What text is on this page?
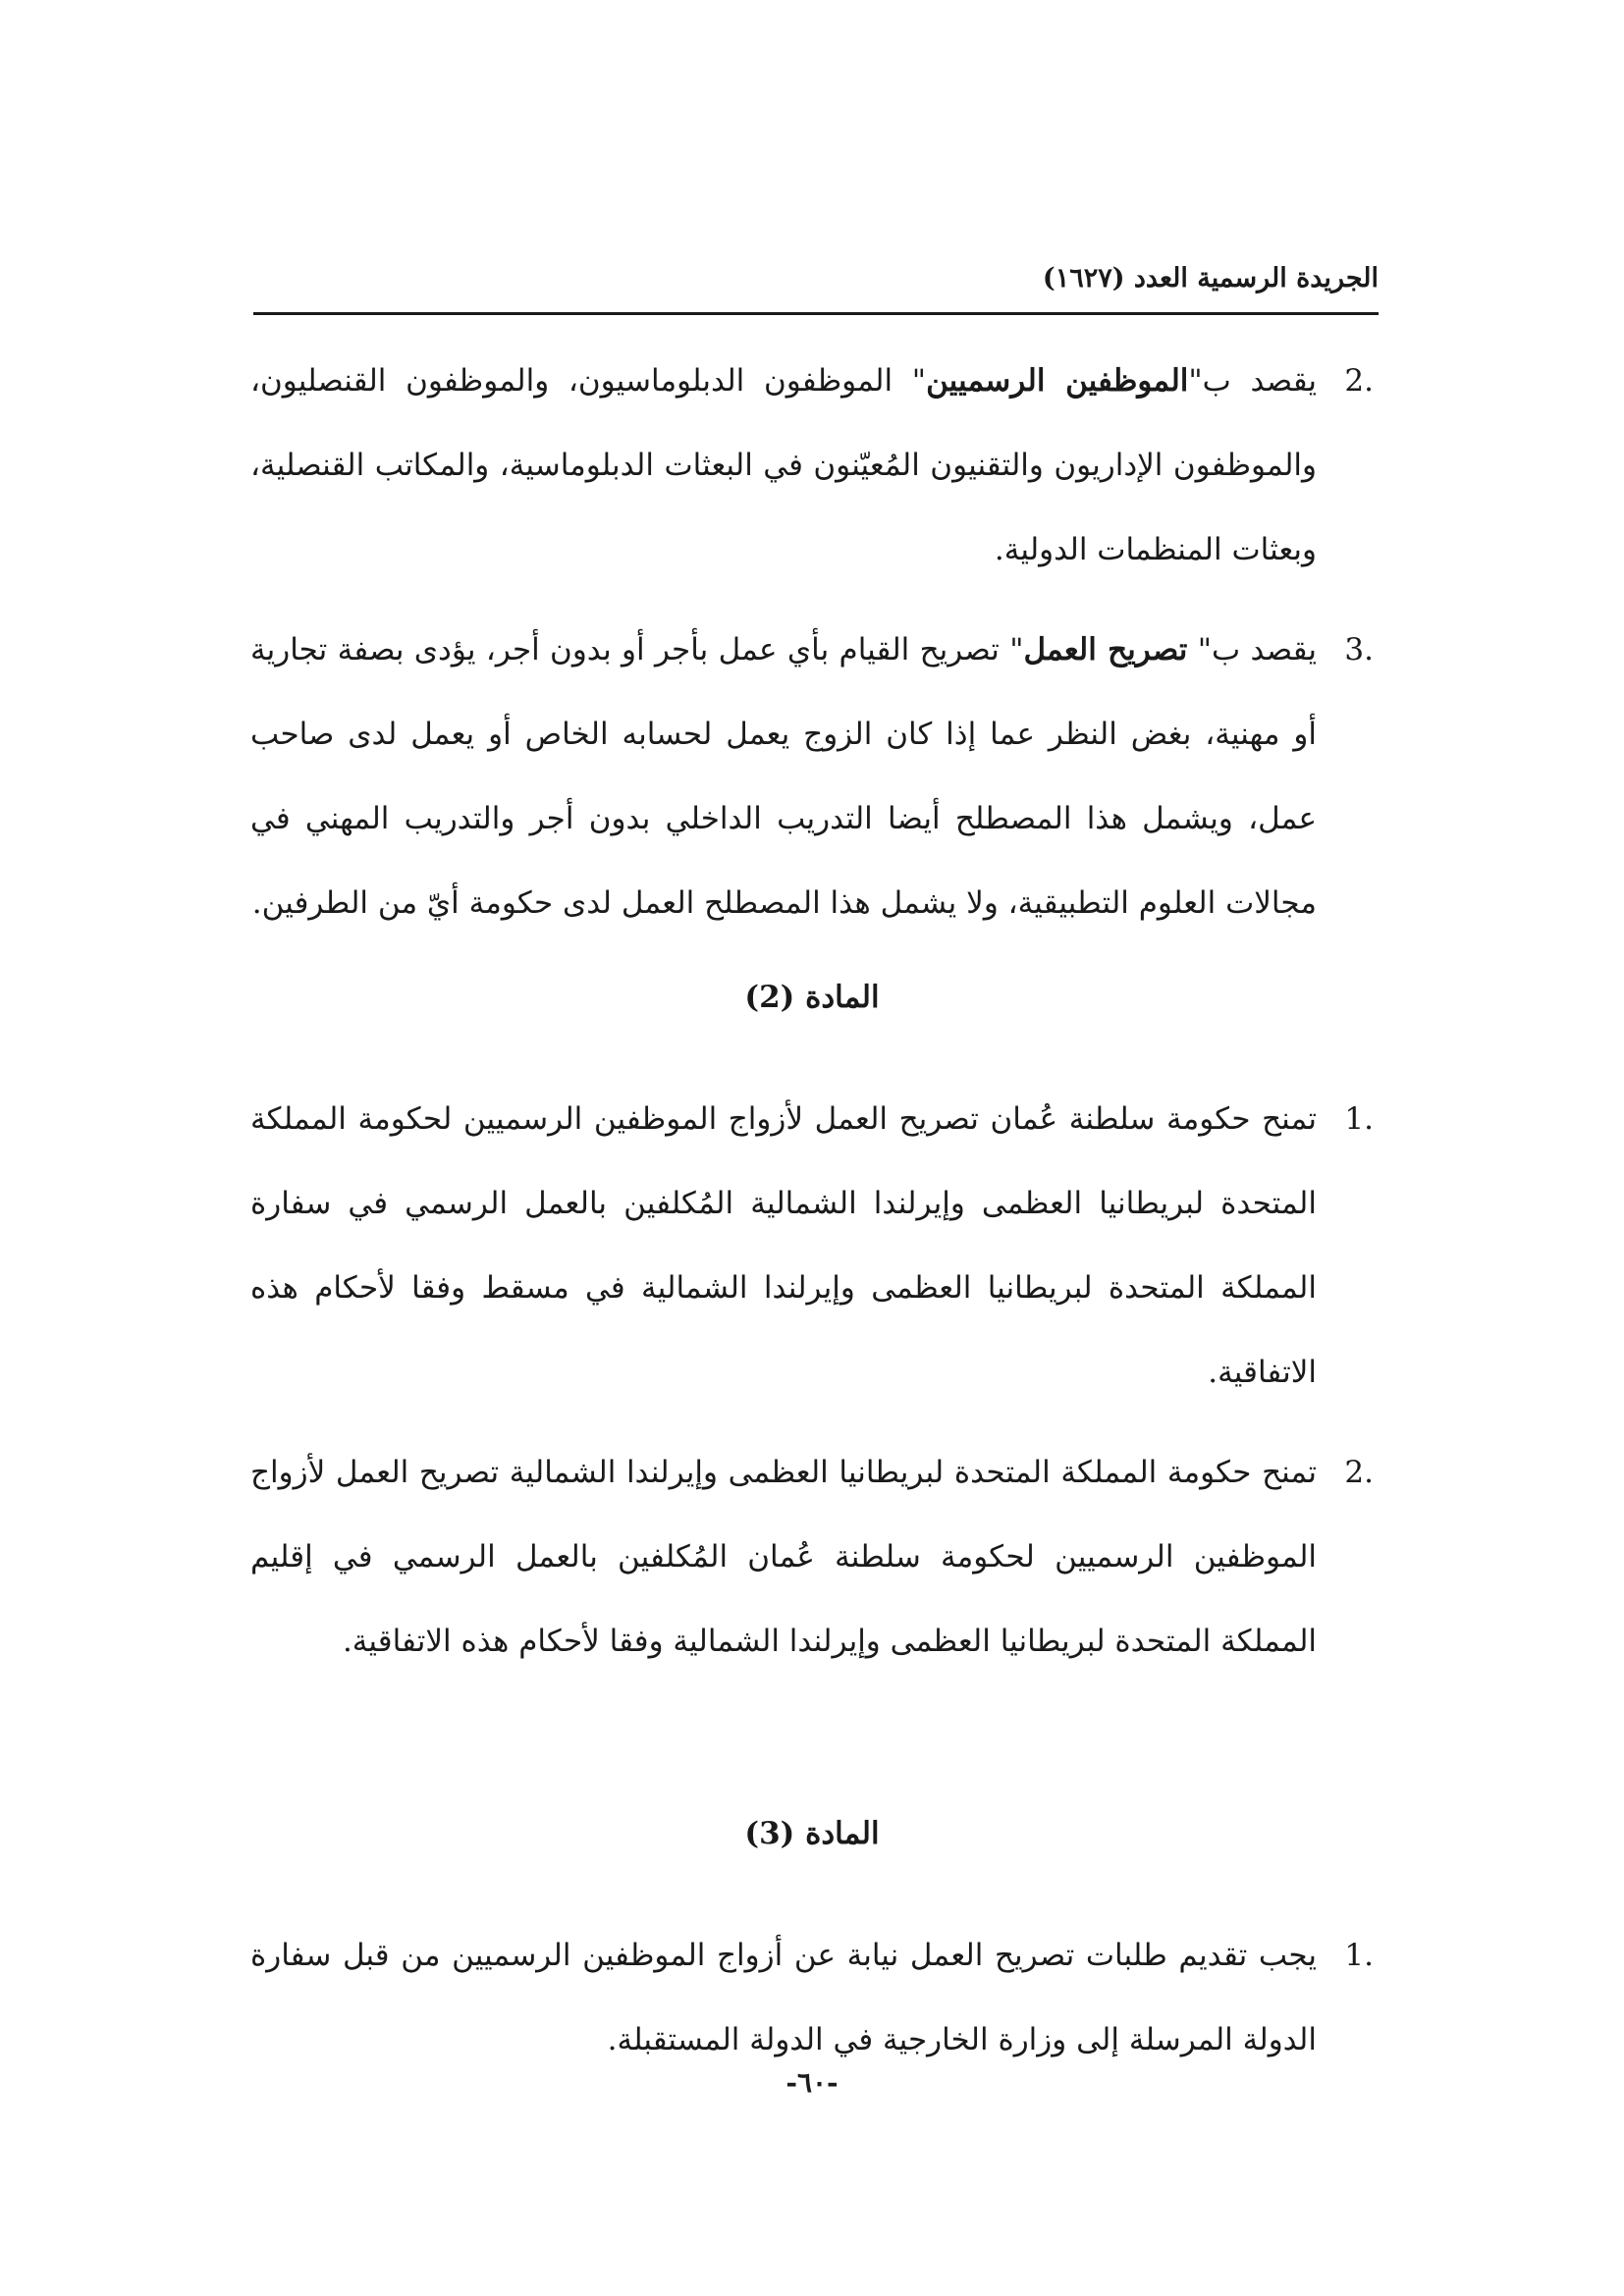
الجريدة الرسمية العدد (١٦٢٧)
2.
يقصد ب"الموظفين الرسميين" الموظفون الدبلوماسيون، والموظفون القنصليون، والموظفون الإداريون والتقنيون المُعيّنون في البعثات الدبلوماسية، والمكاتب القنصلية، وبعثات المنظمات الدولية.
3.
يقصد ب" تصريح العمل" تصريح القيام بأي عمل بأجر أو بدون أجر، يؤدى بصفة تجارية أو مهنية، بغض النظر عما إذا كان الزوج يعمل لحسابه الخاص أو يعمل لدى صاحب عمل، ويشمل هذا المصطلح أيضا التدريب الداخلي بدون أجر والتدريب المهني في مجالات العلوم التطبيقية، ولا يشمل هذا المصطلح العمل لدى حكومة أيّ من الطرفين.
المادة (2)
1.
تمنح حكومة سلطنة عُمان تصريح العمل لأزواج الموظفين الرسميين لحكومة المملكة المتحدة لبريطانيا العظمى وإيرلندا الشمالية المُكلفين بالعمل الرسمي في سفارة المملكة المتحدة لبريطانيا العظمى وإيرلندا الشمالية في مسقط وفقا لأحكام هذه الاتفاقية.
2.
تمنح حكومة المملكة المتحدة لبريطانيا العظمى وإيرلندا الشمالية تصريح العمل لأزواج الموظفين الرسميين لحكومة سلطنة عُمان المُكلفين بالعمل الرسمي في إقليم المملكة المتحدة لبريطانيا العظمى وإيرلندا الشمالية وفقا لأحكام هذه الاتفاقية.
المادة (3)
1.
يجب تقديم طلبات تصريح العمل نيابة عن أزواج الموظفين الرسميين من قبل سفارة الدولة المرسلة إلى وزارة الخارجية في الدولة المستقبلة.
-٦٠-
